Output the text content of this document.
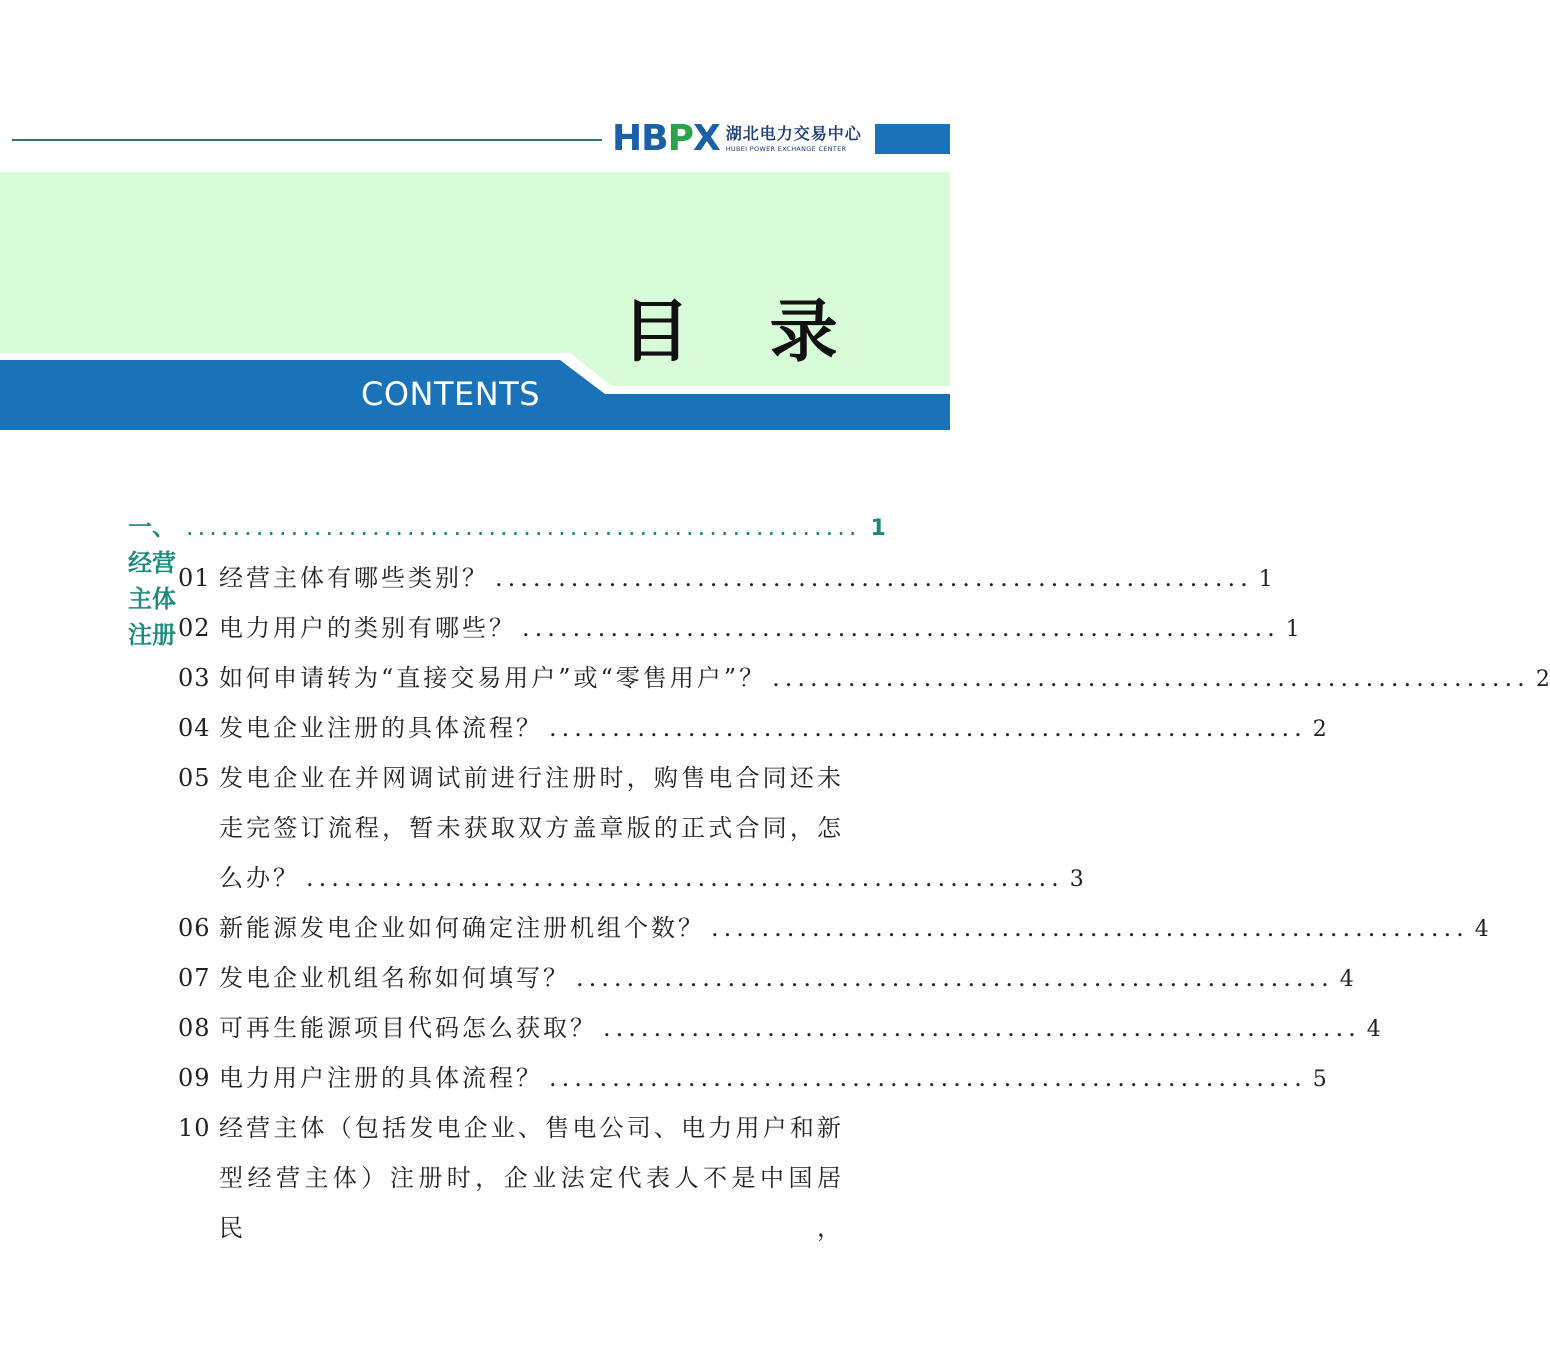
HBPX 湖北电力交易中心
HUBEI POWER EXCHANGE CENTER
目 录
CONTENTS
一、经营主体注册
.......................................................... 1
01 经营主体有哪些类别？ ............................................................ 1
02 电力用户的类别有哪些？ ............................................................ 1
03 如何申请转为“直接交易用户”或“零售用户”？ ............................................................ 2
04 发电企业注册的具体流程？ ............................................................ 2
05 发电企业在并网调试前进行注册时，购售电合同还未
走完签订流程，暂未获取双方盖章版的正式合同，怎
么办？ ............................................................ 3
06 新能源发电企业如何确定注册机组个数？ ............................................................ 4
07 发电企业机组名称如何填写？ ............................................................ 4
08 可再生能源项目代码怎么获取？ ............................................................ 4
09 电力用户注册的具体流程？ ............................................................ 5
10 经营主体（包括发电企业、售电公司、电力用户和新
型经营主体）注册时，企业法定代表人不是中国居民，
